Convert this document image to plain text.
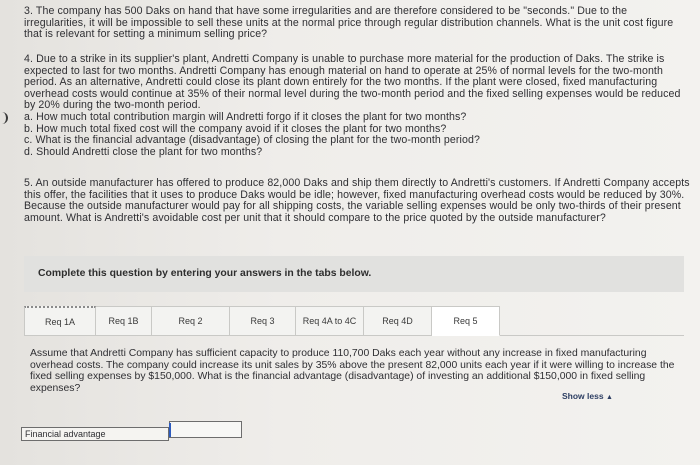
3. The company has 500 Daks on hand that have some irregularities and are therefore considered to be "seconds." Due to the irregularities, it will be impossible to sell these units at the normal price through regular distribution channels. What is the unit cost figure that is relevant for setting a minimum selling price?

4. Due to a strike in its supplier's plant, Andretti Company is unable to purchase more material for the production of Daks. The strike is expected to last for two months. Andretti Company has enough material on hand to operate at 25% of normal levels for the two-month period. As an alternative, Andretti could close its plant down entirely for the two months. If the plant were closed, fixed manufacturing overhead costs would continue at 35% of their normal level during the two-month period and the fixed selling expenses would be reduced by 20% during the two-month period.

a. How much total contribution margin will Andretti forgo if it closes the plant for two months?

b. How much total fixed cost will the company avoid if it closes the plant for two months?

c. What is the financial advantage (disadvantage) of closing the plant for the two-month period?

d. Should Andretti close the plant for two months?

5. An outside manufacturer has offered to produce 82,000 Daks and ship them directly to Andretti's customers. If Andretti Company accepts this offer, the facilities that it uses to produce Daks would be idle; however, fixed manufacturing overhead costs would be reduced by 30%. Because the outside manufacturer would pay for all shipping costs, the variable selling expenses would be only two-thirds of their present amount. What is Andretti's avoidable cost per unit that it should compare to the price quoted by the outside manufacturer?

Complete this question by entering your answers in the tabs below.
Req 1A	Req 1B	Req 2	Req 3	Req 4A to 4C	Req 4D	Req 5
Assume that Andretti Company has sufficient capacity to produce 110,700 Daks each year without any increase in fixed manufacturing overhead costs. The company could increase its unit sales by 35% above the present 82,000 units each year if it were willing to increase the fixed selling expenses by $150,000. What is the financial advantage (disadvantage) of investing an additional $150,000 in fixed selling expenses?
Show less ▲
Financial advantage
